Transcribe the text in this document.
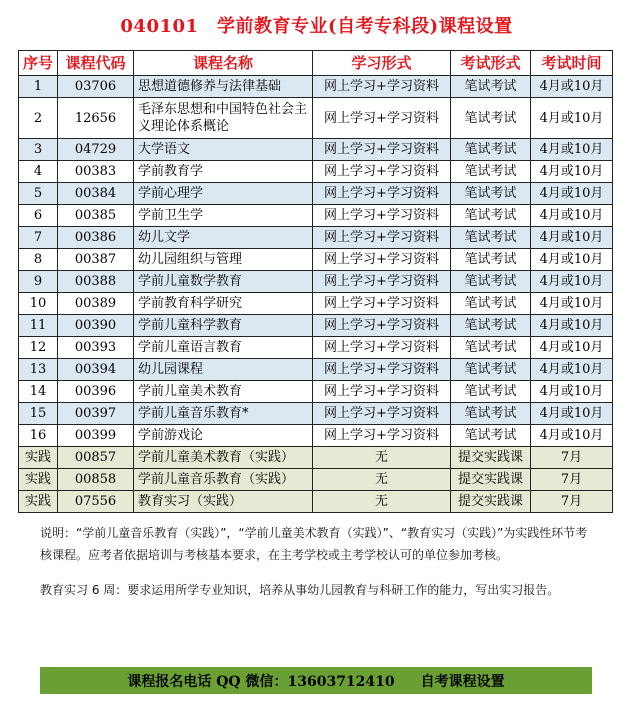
040101　学前教育专业(自考专科段)课程设置
序号	课程代码	课程名称	学习形式	考试形式	考试时间
1	03706	思想道德修养与法律基础	网上学习+学习资料	笔试考试	4月或10月
2	12656	毛泽东思想和中国特色社会主义理论体系概论	网上学习+学习资料	笔试考试	4月或10月
3	04729	大学语文	网上学习+学习资料	笔试考试	4月或10月
4	00383	学前教育学	网上学习+学习资料	笔试考试	4月或10月
5	00384	学前心理学	网上学习+学习资料	笔试考试	4月或10月
6	00385	学前卫生学	网上学习+学习资料	笔试考试	4月或10月
7	00386	幼儿文学	网上学习+学习资料	笔试考试	4月或10月
8	00387	幼儿园组织与管理	网上学习+学习资料	笔试考试	4月或10月
9	00388	学前儿童数学教育	网上学习+学习资料	笔试考试	4月或10月
10	00389	学前教育科学研究	网上学习+学习资料	笔试考试	4月或10月
11	00390	学前儿童科学教育	网上学习+学习资料	笔试考试	4月或10月
12	00393	学前儿童语言教育	网上学习+学习资料	笔试考试	4月或10月
13	00394	幼儿园课程	网上学习+学习资料	笔试考试	4月或10月
14	00396	学前儿童美术教育	网上学习+学习资料	笔试考试	4月或10月
15	00397	学前儿童音乐教育*	网上学习+学习资料	笔试考试	4月或10月
16	00399	学前游戏论	网上学习+学习资料	笔试考试	4月或10月
实践	00857	学前儿童美术教育（实践）	无	提交实践课	7月
实践	00858	学前儿童音乐教育（实践）	无	提交实践课	7月
实践	07556	教育实习（实践）	无	提交实践课	7月

说明：“学前儿童音乐教育（实践）”，“学前儿童美术教育（实践）”、“教育实习（实践）”为实践性环节考核课程。应考者依据培训与考核基本要求，在主考学校或主考学校认可的单位参加考核。

教育实习 6 周：要求运用所学专业知识，培养从事幼儿园教育与科研工作的能力，写出实习报告。

课程报名电话 QQ 微信：13603712410 自考课程设置
